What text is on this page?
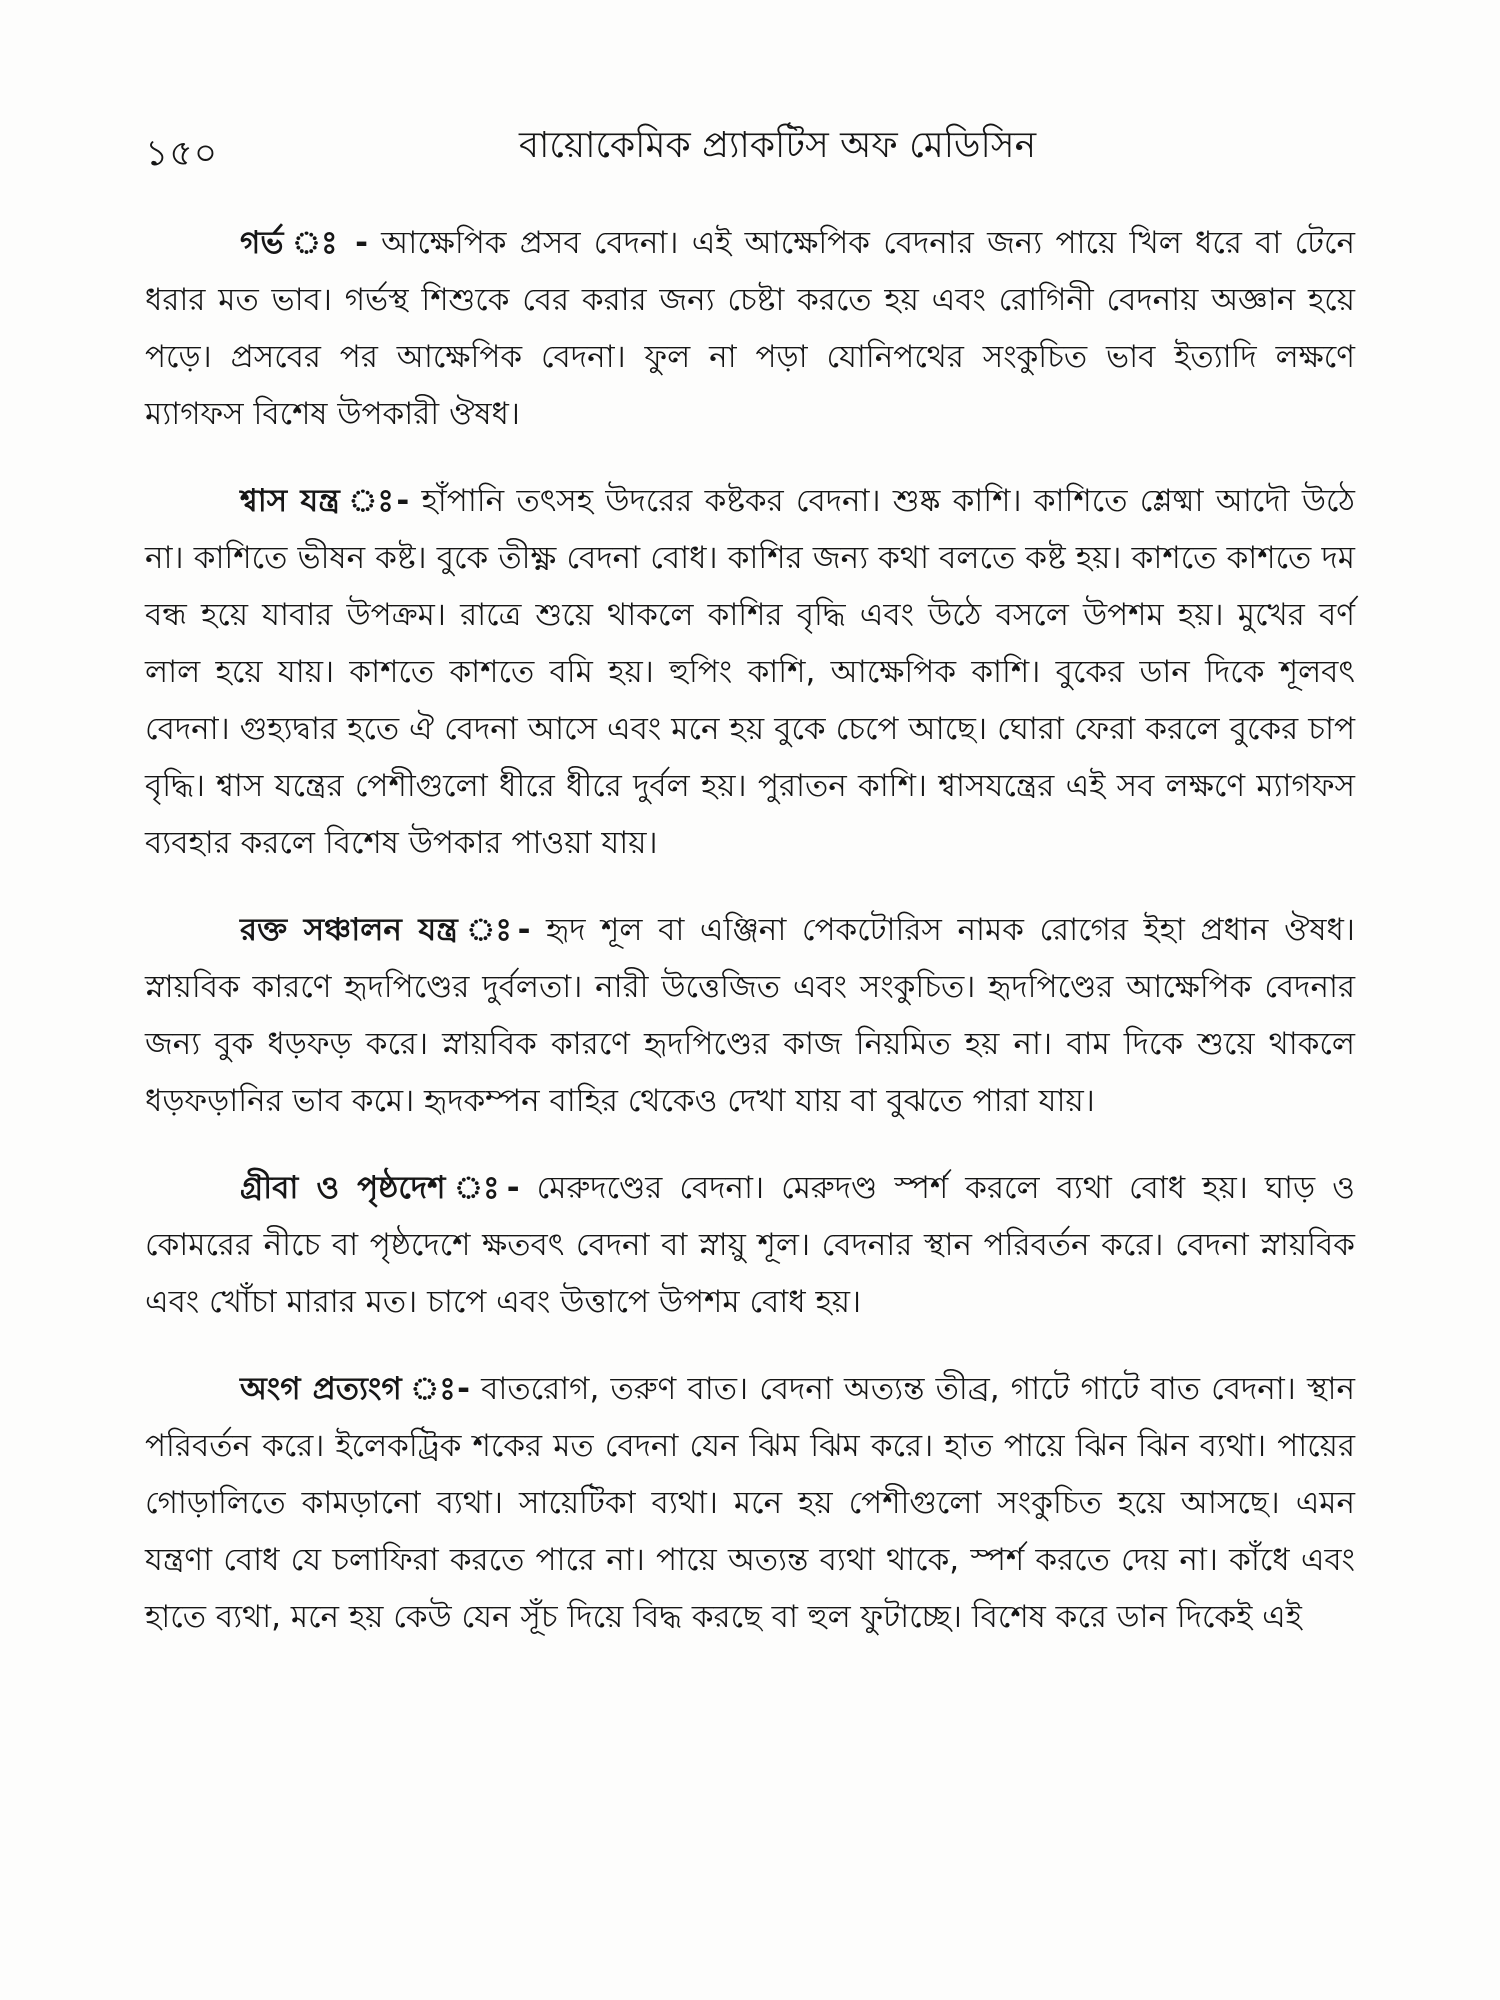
১৫০	বায়োকেমিক প্র্যাকটিস অফ মেডিসিন

গর্ভ ঃ - আক্ষেপিক প্রসব বেদনা। এই আক্ষেপিক বেদনার জন্য পায়ে খিল ধরে বা টেনে ধরার মত ভাব। গর্ভস্থ শিশুকে বের করার জন্য চেষ্টা করতে হয় এবং রোগিনী বেদনায় অজ্ঞান হয়ে পড়ে। প্রসবের পর আক্ষেপিক বেদনা। ফুল না পড়া যোনিপথের সংকুচিত ভাব ইত্যাদি লক্ষণে ম্যাগফস বিশেষ উপকারী ঔষধ।

শ্বাস যন্ত্র ঃ- হাঁপানি তৎসহ উদরের কষ্টকর বেদনা। শুষ্ক কাশি। কাশিতে শ্লেষ্মা আদৌ উঠে না। কাশিতে ভীষন কষ্ট। বুকে তীক্ষ্ণ বেদনা বোধ। কাশির জন্য কথা বলতে কষ্ট হয়। কাশতে কাশতে দম বন্ধ হয়ে যাবার উপক্রম। রাত্রে শুয়ে থাকলে কাশির বৃদ্ধি এবং উঠে বসলে উপশম হয়। মুখের বর্ণ লাল হয়ে যায়। কাশতে কাশতে বমি হয়। হুপিং কাশি, আক্ষেপিক কাশি। বুকের ডান দিকে শূলবৎ বেদনা। গুহ্যদ্বার হতে ঐ বেদনা আসে এবং মনে হয় বুকে চেপে আছে। ঘোরা ফেরা করলে বুকের চাপ বৃদ্ধি। শ্বাস যন্ত্রের পেশীগুলো ধীরে ধীরে দুর্বল হয়। পুরাতন কাশি। শ্বাসযন্ত্রের এই সব লক্ষণে ম্যাগফস ব্যবহার করলে বিশেষ উপকার পাওয়া যায়।

রক্ত সঞ্চালন যন্ত্র ঃ- হৃদ শূল বা এঞ্জিনা পেকটোরিস নামক রোগের ইহা প্রধান ঔষধ। স্নায়বিক কারণে হৃদপিণ্ডের দুর্বলতা। নারী উত্তেজিত এবং সংকুচিত। হৃদপিণ্ডের আক্ষেপিক বেদনার জন্য বুক ধড়ফড় করে। স্নায়বিক কারণে হৃদপিণ্ডের কাজ নিয়মিত হয় না। বাম দিকে শুয়ে থাকলে ধড়ফড়ানির ভাব কমে। হৃদকম্পন বাহির থেকেও দেখা যায় বা বুঝতে পারা যায়।

গ্রীবা ও পৃষ্ঠদেশ ঃ- মেরুদণ্ডের বেদনা। মেরুদণ্ড স্পর্শ করলে ব্যথা বোধ হয়। ঘাড় ও কোমরের নীচে বা পৃষ্ঠদেশে ক্ষতবৎ বেদনা বা স্নায়ু শূল। বেদনার স্থান পরিবর্তন করে। বেদনা স্নায়বিক এবং খোঁচা মারার মত। চাপে এবং উত্তাপে উপশম বোধ হয়।

অংগ প্রত্যংগ ঃ- বাতরোগ, তরুণ বাত। বেদনা অত্যন্ত তীব্র, গাটে গাটে বাত বেদনা। স্থান পরিবর্তন করে। ইলেকট্রিক শকের মত বেদনা যেন ঝিম ঝিম করে। হাত পায়ে ঝিন ঝিন ব্যথা। পায়ের গোড়ালিতে কামড়ানো ব্যথা। সায়েটিকা ব্যথা। মনে হয় পেশীগুলো সংকুচিত হয়ে আসছে। এমন যন্ত্রণা বোধ যে চলাফিরা করতে পারে না। পায়ে অত্যন্ত ব্যথা থাকে, স্পর্শ করতে দেয় না। কাঁধে এবং হাতে ব্যথা, মনে হয় কেউ যেন সূঁচ দিয়ে বিদ্ধ করছে বা হুল ফুটাচ্ছে। বিশেষ করে ডান দিকেই এই
